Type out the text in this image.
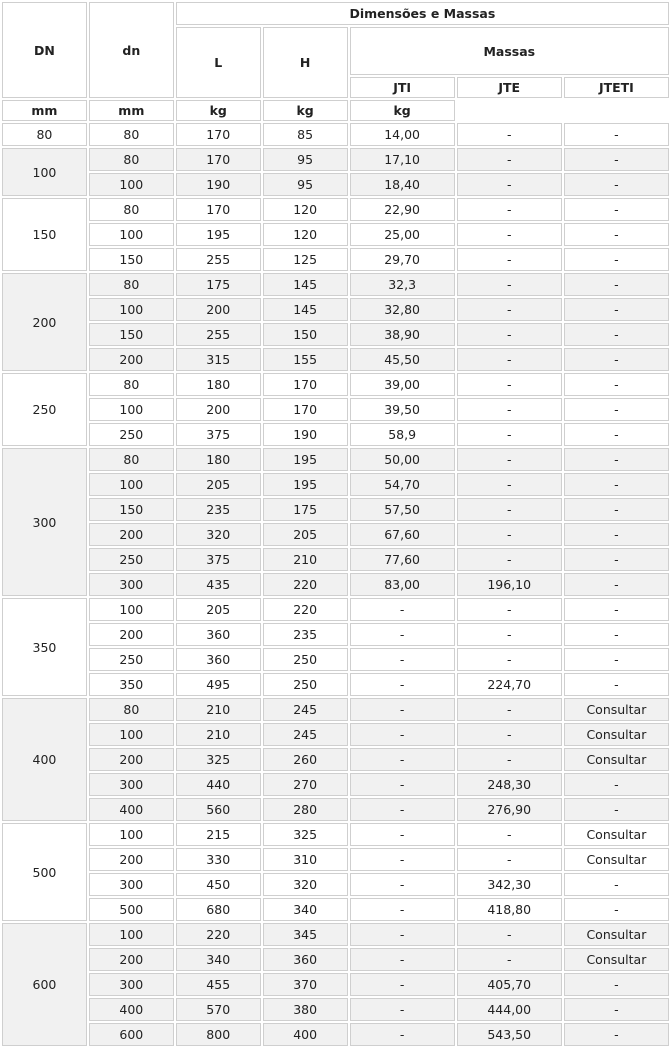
DN	dn	Dimensões e Massas				
		L	H	Massas		
				JTI	JTE	JTETI
mm	mm	kg	kg	kg		
80	80	170	85	14,00	-	-
100	80	170	95	17,10	-	-
	100	190	95	18,40	-	-
150	80	170	120	22,90	-	-
	100	195	120	25,00	-	-
	150	255	125	29,70	-	-
200	80	175	145	32,3	-	-
	100	200	145	32,80	-	-
	150	255	150	38,90	-	-
	200	315	155	45,50	-	-
250	80	180	170	39,00	-	-
	100	200	170	39,50	-	-
	250	375	190	58,9	-	-
300	80	180	195	50,00	-	-
	100	205	195	54,70	-	-
	150	235	175	57,50	-	-
	200	320	205	67,60	-	-
	250	375	210	77,60	-	-
	300	435	220	83,00	196,10	-
350	100	205	220	-	-	-
	200	360	235	-	-	-
	250	360	250	-	-	-
	350	495	250	-	224,70	-
400	80	210	245	-	-	Consultar
	100	210	245	-	-	Consultar
	200	325	260	-	-	Consultar
	300	440	270	-	248,30	-
	400	560	280	-	276,90	-
500	100	215	325	-	-	Consultar
	200	330	310	-	-	Consultar
	300	450	320	-	342,30	-
	500	680	340	-	418,80	-
600	100	220	345	-	-	Consultar
	200	340	360	-	-	Consultar
	300	455	370	-	405,70	-
	400	570	380	-	444,00	-
	600	800	400	-	543,50	-
